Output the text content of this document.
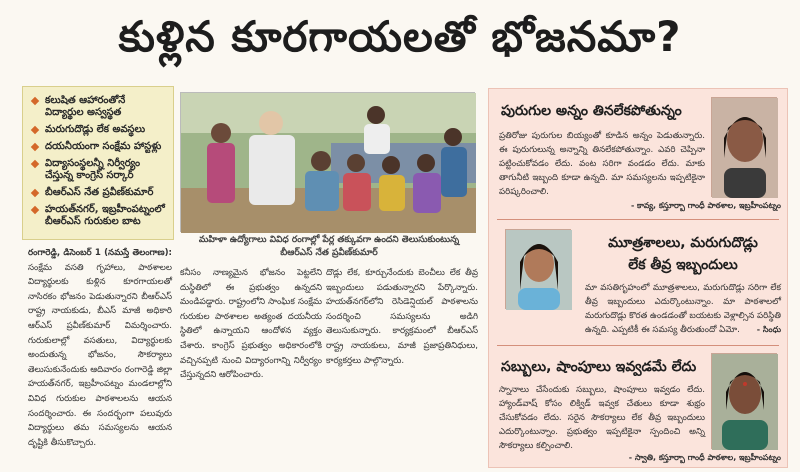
కుళ్లిన కూరగాయలతో భోజనమా?
కలుషిత ఆహారంతోనే విద్యార్థుల అస్వస్థత
మరుగుదొడ్లు లేక అవస్థలు
దయనీయంగా సంక్షేమ హాస్టళ్లు
విద్యాసంస్థలన్నీ నిర్వీర్యం చేస్తున్న కాంగ్రెస్ సర్కార్
బీఆర్ఎస్ నేత ప్రవీణ్‌కుమార్
హయత్‌నగర్, ఇబ్రహీంపట్నంలో బీఆర్ఎస్ గురుకుల బాట
మహిళా ఉద్యోగాలు వివిధ రంగాల్లో పేర్ల తక్కువగా ఉందని తెలుసుకుంటున్న బీఆర్ఎస్ నేత ప్రవీణ్‌కుమార్
రంగారెడ్డి, డిసెంబర్ 1 (నమస్తే తెలంగాణ): సంక్షేమ వసతి గృహాలు, పాఠశాలల విద్యార్థులకు కుళ్లిన కూరగాయలతో నాసిరకం భోజనం పెడుతున్నారని బీఆర్ఎస్ రాష్ట్ర నాయకుడు, బీఎస్ మాజీ అధికారి ఆర్ఎస్ ప్రవీణ్‌కుమార్ విమర్శించారు. గురుకులాల్లో వసతులు, విద్యార్థులకు అందుతున్న భోజనం, సౌకర్యాలు తెలుసుకునేందుకు ఆదివారం రంగారెడ్డి జిల్లా హయత్‌నగర్, ఇబ్రహీంపట్నం మండలాల్లోని వివిధ గురుకుల పాఠశాలలను ఆయన సందర్శించారు. ఈ సందర్భంగా పలువురు విద్యార్థులు తమ సమస్యలను ఆయన దృష్టికి తీసుకొచ్చారు.
కనీసం నాణ్యమైన భోజనం పెట్టలేని దుస్థితిలో ఈ ప్రభుత్వం ఉన్నదని మండిపడ్డారు. రాష్ట్రంలోని సాంఘిక సంక్షేమ గురుకుల పాఠశాలల అత్యంత దయనీయ స్థితిలో ఉన్నాయని ఆందోళన వ్యక్తం చేశారు. కాంగ్రెస్ ప్రభుత్వం అధికారంలోకి వచ్చినప్పటి నుంచి విద్యారంగాన్ని నిర్వీర్యం చేస్తున్నదని ఆరోపించారు.
దొడ్లు లేక, కూర్చునేందుకు బెంచీలు లేక తీవ్ర ఇబ్బందులు పడుతున్నారని పేర్కొన్నారు. హయత్‌నగర్‌లోని రెసిడెన్షియల్ పాఠశాలను సందర్శించి సమస్యలను అడిగి తెలుసుకున్నారు. కార్యక్రమంలో బీఆర్ఎస్ రాష్ట్ర నాయకులు, మాజీ ప్రజాప్రతినిధులు, కార్యకర్తలు పాల్గొన్నారు.
పురుగుల అన్నం తినలేకపోతున్నం
ప్రతిరోజు పురుగుల బియ్యంతో కూడిన అన్నం పెడుతున్నారు. ఈ పురుగులున్న అన్నాన్ని తినలేకపోతున్నాం. ఎవరి చెప్పినా పట్టించుకోవడం లేదు. వంట సరిగా వండడం లేదు. మాకు తాగునీటి ఇబ్బంది కూడా ఉన్నది. మా సమస్యలను ఇప్పటికైనా పరిష్కరించాలి.
- కావ్య, కస్తూర్బా గాంధీ పాఠశాల, ఇబ్రహీంపట్నం
మూత్రశాలలు, మరుగుదొడ్లు
లేక తీవ్ర ఇబ్బందులు
మా వసతిగృహంలో మూత్రశాలలు, మరుగుదొడ్లు సరిగా లేక తీవ్ర ఇబ్బందులు ఎదుర్కొంటున్నాం. మా పాఠశాలలో మరుగుదొడ్లు కొరత ఉండడంతో బయటకు వెళ్లాల్సిన పరిస్థితి ఉన్నది. ఎప్పటికీ ఈ సమస్య తీరుతుందో ఏమో.	- సింధు
సబ్బులు, షాంపూలు ఇవ్వడమే లేదు
స్నానాలు చేసేందుకు సబ్బులు, షాంపూలు ఇవ్వడం లేదు. హ్యాండ్‌వాష్ కోసం లిక్విడ్ ఇవ్వక చేతులు కూడా శుభ్రం చేసుకోవడం లేదు. సరైన సౌకర్యాలు లేక తీవ్ర ఇబ్బందులు ఎదుర్కొంటున్నాం. ప్రభుత్వం ఇప్పటికైనా స్పందించి అన్ని సౌకర్యాలు కల్పించాలి.
- స్వాతి, కస్తూర్బా గాంధీ పాఠశాల, ఇబ్రహీంపట్నం
